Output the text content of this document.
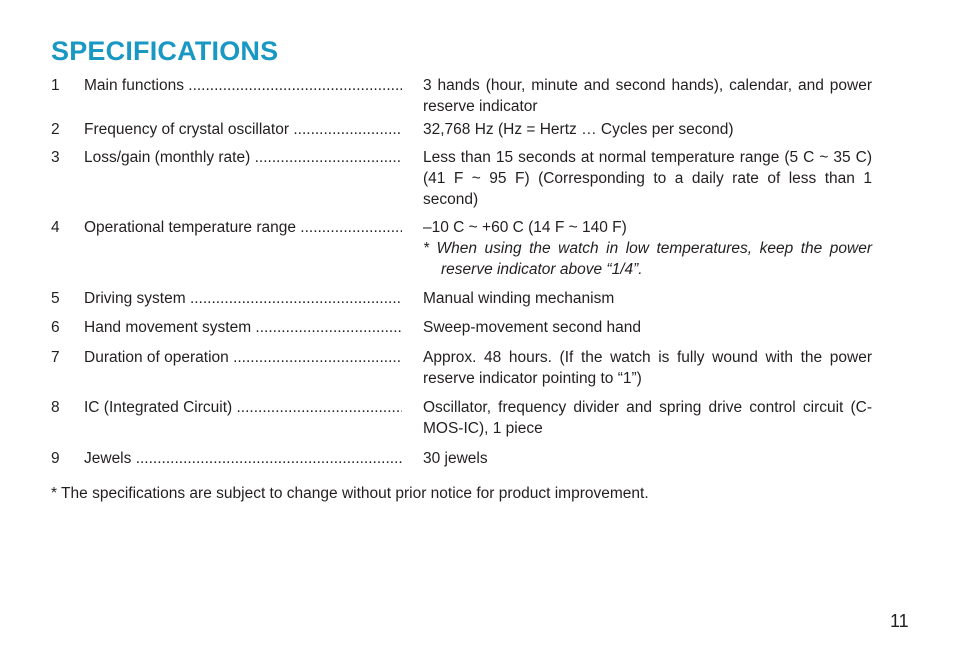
SPECIFICATIONS
1 Main functions .....	3 hands (hour, minute and second hands), calendar, and power reserve indicator
2 Frequency of crystal oscillator .....	32,768 Hz (Hz = Hertz … Cycles per second)
3 Loss/gain (monthly rate) .....	Less than 15 seconds at normal temperature range (5 C ~ 35 C) (41 F ~ 95 F) (Corresponding to a daily rate of less than 1 second)
4 Operational temperature range .....	–10 C ~ +60 C (14 F ~ 140 F)
* When using the watch in low temperatures, keep the power reserve indicator above “1/4”.
5 Driving system .....	Manual winding mechanism
6 Hand movement system .....	Sweep-movement second hand
7 Duration of operation .....	Approx. 48 hours. (If the watch is fully wound with the power reserve indicator pointing to “1”)
8 IC (Integrated Circuit) .....	Oscillator, frequency divider and spring drive control circuit (C-MOS-IC), 1 piece
9 Jewels .....	30 jewels
* The specifications are subject to change without prior notice for product improvement.
11
